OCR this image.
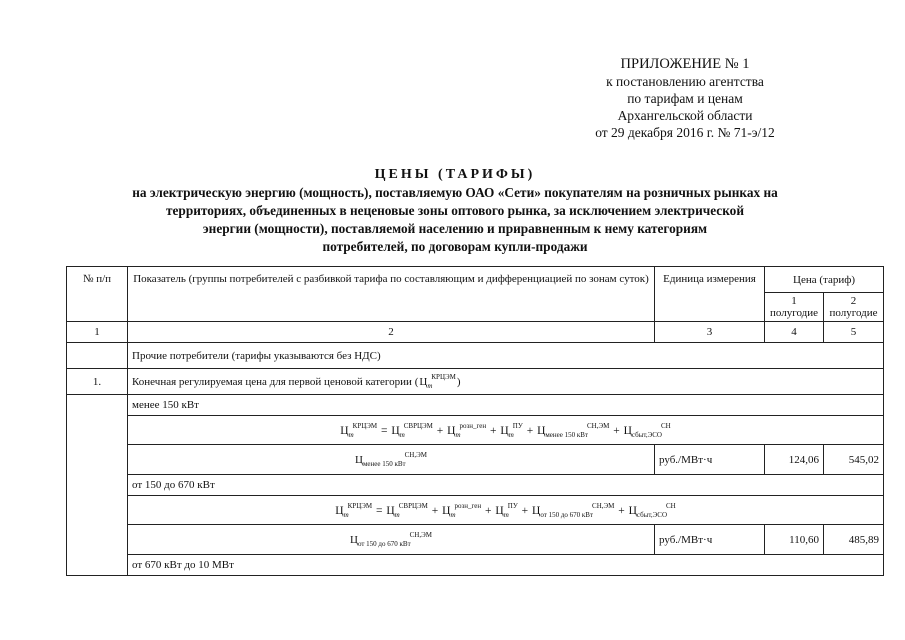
ПРИЛОЖЕНИЕ № 1
к постановлению агентства
по тарифам и ценам
Архангельской области
от 29 декабря 2016 г. № 71-э/12
ЦЕНЫ (ТАРИФЫ)
на электрическую энергию (мощность), поставляемую ОАО «Сети» покупателям на розничных рынках на
территориях, объединенных в неценовые зоны оптового рынка, за исключением электрической
энергии (мощности), поставляемой населению и приравненным к нему категориям
потребителей, по договорам купли-продажи
№ п/п	Показатель (группы потребителей с разбивкой тарифа по составляющим и дифференциацией по зонам суток)	Единица измерения	Цена (тариф)	
			1 полугодие	2 полугодие
1	2	3	4	5
	Прочие потребители (тарифы указываются без НДС)			
1.	Конечная регулируемая цена для первой ценовой категории $(Ц_m^{КРЦЭМ})$			
	менее 150 кВт			
	$Ц_m^{КРЦЭМ} = Ц_m^{СВРЦЭМ} + Ц_m^{розн\_ген} + Ц_m^{ПУ} + Ц_{менее 150 кВт}^{СН,ЭМ} + Ц_{сбыт,ЭСО}^{СН}$
	$Ц_{менее 150 кВт}^{СН,ЭМ}$	руб./МВт·ч	124,06	545,02
	от 150 до 670 кВт			
	$Ц_m^{КРЦЭМ} = Ц_m^{СВРЦЭМ} + Ц_m^{розн\_ген} + Ц_m^{ПУ} + Ц_{от 150 до 670 кВт}^{СН,ЭМ} + Ц_{сбыт,ЭСО}^{СН}$
	$Ц_{от 150 до 670 кВт}^{СН,ЭМ}$	руб./МВт·ч	110,60	485,89
	от 670 кВт до 10 МВт			
